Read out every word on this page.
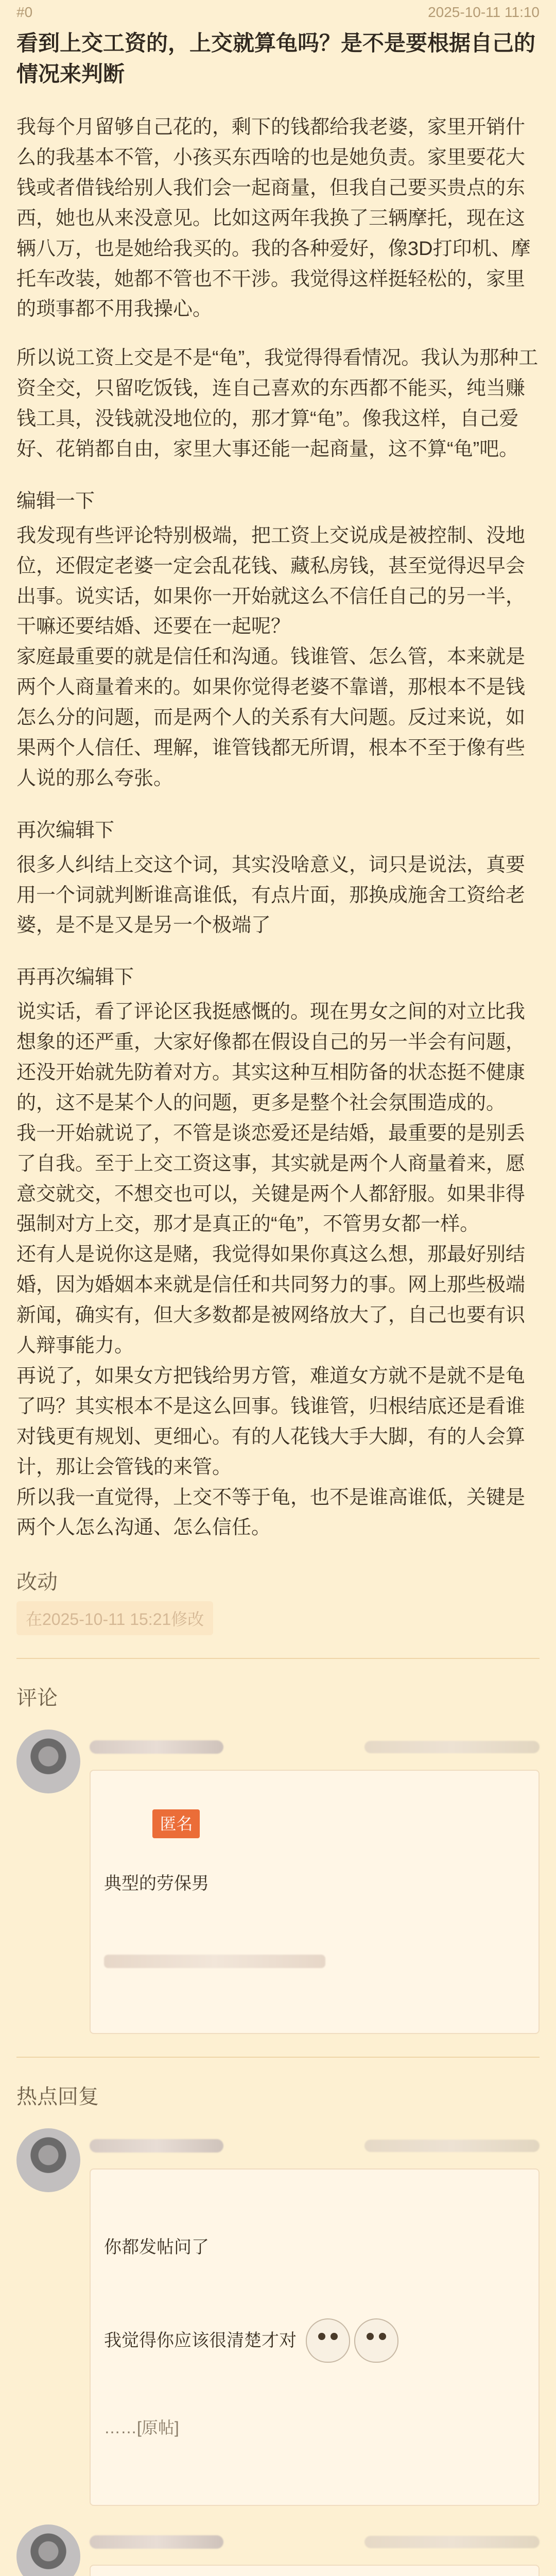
#0	2025-10-11 11:10
看到上交工资的，上交就算龟吗？是不是要根据自己的情况来判断

我每个月留够自己花的，剩下的钱都给我老婆，家里开销什么的我基本不管，小孩买东西啥的也是她负责。家里要花大钱或者借钱给别人我们会一起商量，但我自己要买贵点的东西，她也从来没意见。比如这两年我换了三辆摩托，现在这辆八万，也是她给我买的。我的各种爱好，像3D打印机、摩托车改装，她都不管也不干涉。我觉得这样挺轻松的，家里的琐事都不用我操心。

所以说工资上交是不是“龟”，我觉得得看情况。我认为那种工资全交，只留吃饭钱，连自己喜欢的东西都不能买，纯当赚钱工具，没钱就没地位的，那才算“龟”。像我这样，自己爱好、花销都自由，家里大事还能一起商量，这不算“龟”吧。

编辑一下
我发现有些评论特别极端，把工资上交说成是被控制、没地位，还假定老婆一定会乱花钱、藏私房钱，甚至觉得迟早会出事。说实话，如果你一开始就这么不信任自己的另一半，干嘛还要结婚、还要在一起呢？
家庭最重要的就是信任和沟通。钱谁管、怎么管，本来就是两个人商量着来的。如果你觉得老婆不靠谱，那根本不是钱怎么分的问题，而是两个人的关系有大问题。反过来说，如果两个人信任、理解，谁管钱都无所谓，根本不至于像有些人说的那么夸张。
再次编辑下
很多人纠结上交这个词，其实没啥意义，词只是说法，真要用一个词就判断谁高谁低，有点片面，那换成施舍工资给老婆，是不是又是另一个极端了
再再次编辑下
说实话，看了评论区我挺感慨的。现在男女之间的对立比我想象的还严重，大家好像都在假设自己的另一半会有问题，还没开始就先防着对方。其实这种互相防备的状态挺不健康的，这不是某个人的问题，更多是整个社会氛围造成的。
我一开始就说了，不管是谈恋爱还是结婚，最重要的是别丢了自我。至于上交工资这事，其实就是两个人商量着来，愿意交就交，不想交也可以，关键是两个人都舒服。如果非得强制对方上交，那才是真正的“龟”，不管男女都一样。
还有人是说你这是赌，我觉得如果你真这么想，那最好别结婚，因为婚姻本来就是信任和共同努力的事。网上那些极端新闻，确实有，但大多数都是被网络放大了，自己也要有识人辩事能力。
再说了，如果女方把钱给男方管，难道女方就不是就不是龟了吗？其实根本不是这么回事。钱谁管，归根结底还是看谁对钱更有规划、更细心。有的人花钱大手大脚，有的人会算计，那让会管钱的来管。
所以我一直觉得，上交不等于龟，也不是谁高谁低，关键是两个人怎么沟通、怎么信任。
改动
在2025-10-11 15:21修改
评论

匿名

典型的劳保男

热点回复

你都发帖问了

我觉得你应该很清楚才对

……[原帖]
